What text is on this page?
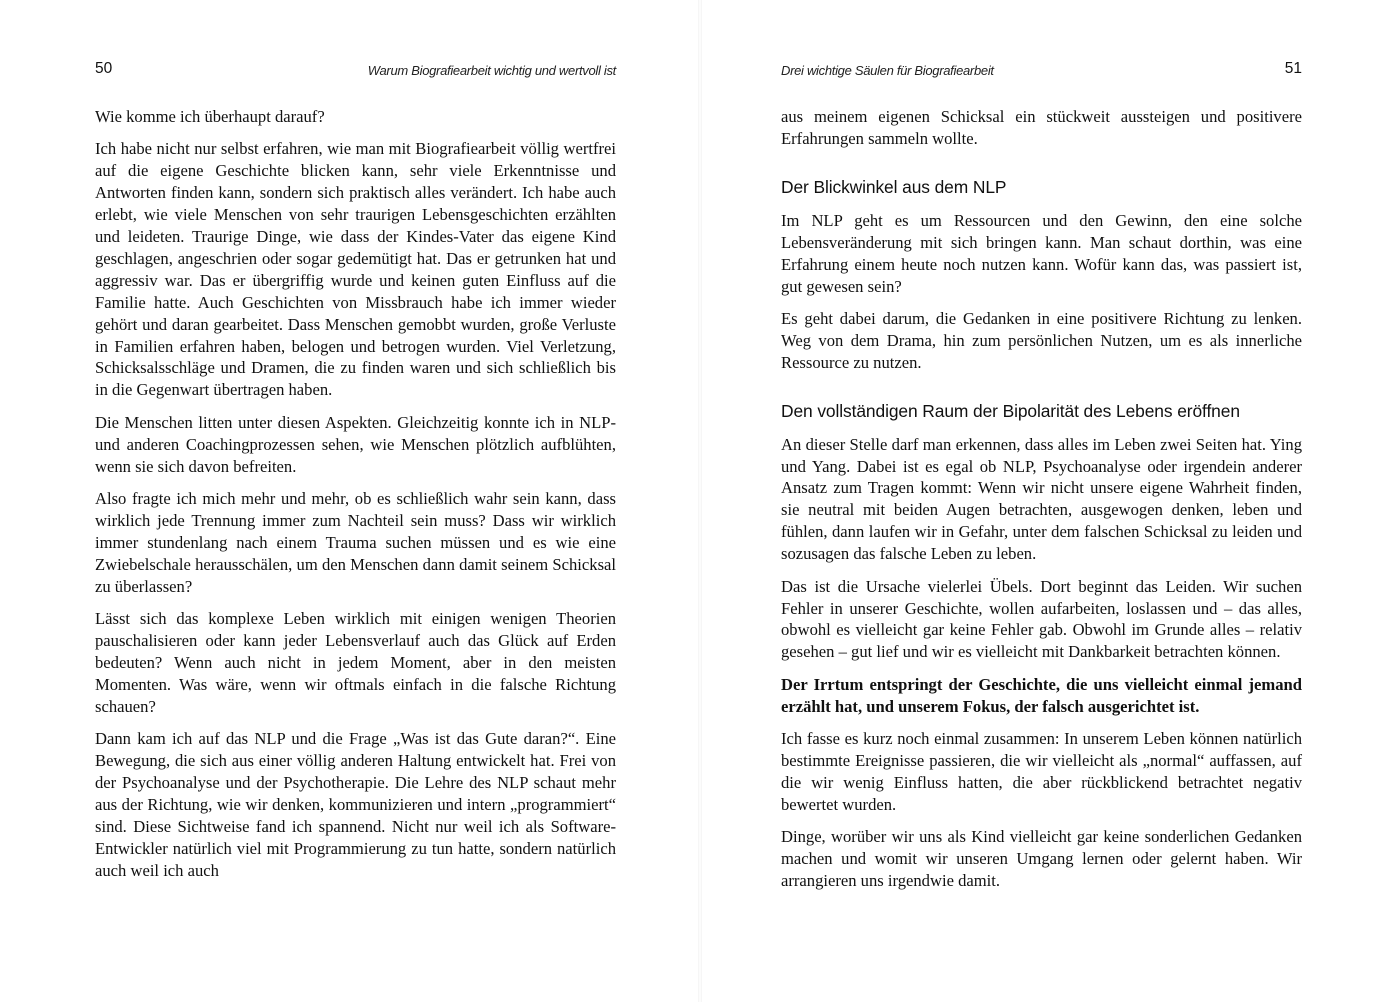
50	Warum Biografiearbeit wichtig und wertvoll ist

Wie komme ich überhaupt darauf?

Ich habe nicht nur selbst erfahren, wie man mit Biografiearbeit völlig wertfrei auf die eigene Geschichte blicken kann, sehr viele Erkenntnisse und Antworten finden kann, sondern sich praktisch alles verändert. Ich habe auch erlebt, wie viele Menschen von sehr traurigen Lebensgeschichten erzählten und leideten. Traurige Dinge, wie dass der Kindes-Vater das eigene Kind geschlagen, angeschrien oder sogar gedemütigt hat. Das er getrunken hat und aggressiv war. Das er übergriffig wurde und keinen guten Einfluss auf die Familie hatte. Auch Geschichten von Missbrauch habe ich immer wieder gehört und daran gearbeitet. Dass Menschen gemobbt wurden, große Verluste in Familien erfahren haben, belogen und betrogen wurden. Viel Verletzung, Schicksalsschläge und Dramen, die zu finden waren und sich schließlich bis in die Gegenwart übertragen haben.

Die Menschen litten unter diesen Aspekten. Gleichzeitig konnte ich in NLP- und anderen Coachingprozessen sehen, wie Menschen plötzlich aufblühten, wenn sie sich davon befreiten.

Also fragte ich mich mehr und mehr, ob es schließlich wahr sein kann, dass wirklich jede Trennung immer zum Nachteil sein muss? Dass wir wirklich immer stundenlang nach einem Trauma suchen müssen und es wie eine Zwiebelschale herausschälen, um den Menschen dann damit seinem Schicksal zu überlassen?

Lässt sich das komplexe Leben wirklich mit einigen wenigen Theorien pauschalisieren oder kann jeder Lebensverlauf auch das Glück auf Erden bedeuten? Wenn auch nicht in jedem Moment, aber in den meisten Momenten. Was wäre, wenn wir oftmals einfach in die falsche Richtung schauen?

Dann kam ich auf das NLP und die Frage „Was ist das Gute daran?“. Eine Bewegung, die sich aus einer völlig anderen Haltung entwickelt hat. Frei von der Psychoanalyse und der Psychotherapie. Die Lehre des NLP schaut mehr aus der Richtung, wie wir denken, kommunizieren und intern „programmiert“ sind. Diese Sichtweise fand ich spannend. Nicht nur weil ich als Software-Entwickler natürlich viel mit Programmierung zu tun hatte, sondern natürlich auch weil ich auch

Drei wichtige Säulen für Biografiearbeit	51

aus meinem eigenen Schicksal ein stückweit aussteigen und positivere Erfahrungen sammeln wollte.

Der Blickwinkel aus dem NLP

Im NLP geht es um Ressourcen und den Gewinn, den eine solche Lebensveränderung mit sich bringen kann. Man schaut dorthin, was eine Erfahrung einem heute noch nutzen kann. Wofür kann das, was passiert ist, gut gewesen sein?

Es geht dabei darum, die Gedanken in eine positivere Richtung zu lenken. Weg von dem Drama, hin zum persönlichen Nutzen, um es als innerliche Ressource zu nutzen.

Den vollständigen Raum der Bipolarität des Lebens eröffnen

An dieser Stelle darf man erkennen, dass alles im Leben zwei Seiten hat. Ying und Yang. Dabei ist es egal ob NLP, Psychoanalyse oder irgendein anderer Ansatz zum Tragen kommt: Wenn wir nicht unsere eigene Wahrheit finden, sie neutral mit beiden Augen betrachten, ausgewogen denken, leben und fühlen, dann laufen wir in Gefahr, unter dem falschen Schicksal zu leiden und sozusagen das falsche Leben zu leben.

Das ist die Ursache vielerlei Übels. Dort beginnt das Leiden. Wir suchen Fehler in unserer Geschichte, wollen aufarbeiten, loslassen und – das alles, obwohl es vielleicht gar keine Fehler gab. Obwohl im Grunde alles – relativ gesehen – gut lief und wir es vielleicht mit Dankbarkeit betrachten können.

Der Irrtum entspringt der Geschichte, die uns vielleicht einmal jemand erzählt hat, und unserem Fokus, der falsch ausgerichtet ist.

Ich fasse es kurz noch einmal zusammen: In unserem Leben können natürlich bestimmte Ereignisse passieren, die wir vielleicht als „normal“ auffassen, auf die wir wenig Einfluss hatten, die aber rückblickend betrachtet negativ bewertet wurden.

Dinge, worüber wir uns als Kind vielleicht gar keine sonderlichen Gedanken machen und womit wir unseren Umgang lernen oder gelernt haben. Wir arrangieren uns irgendwie damit.
